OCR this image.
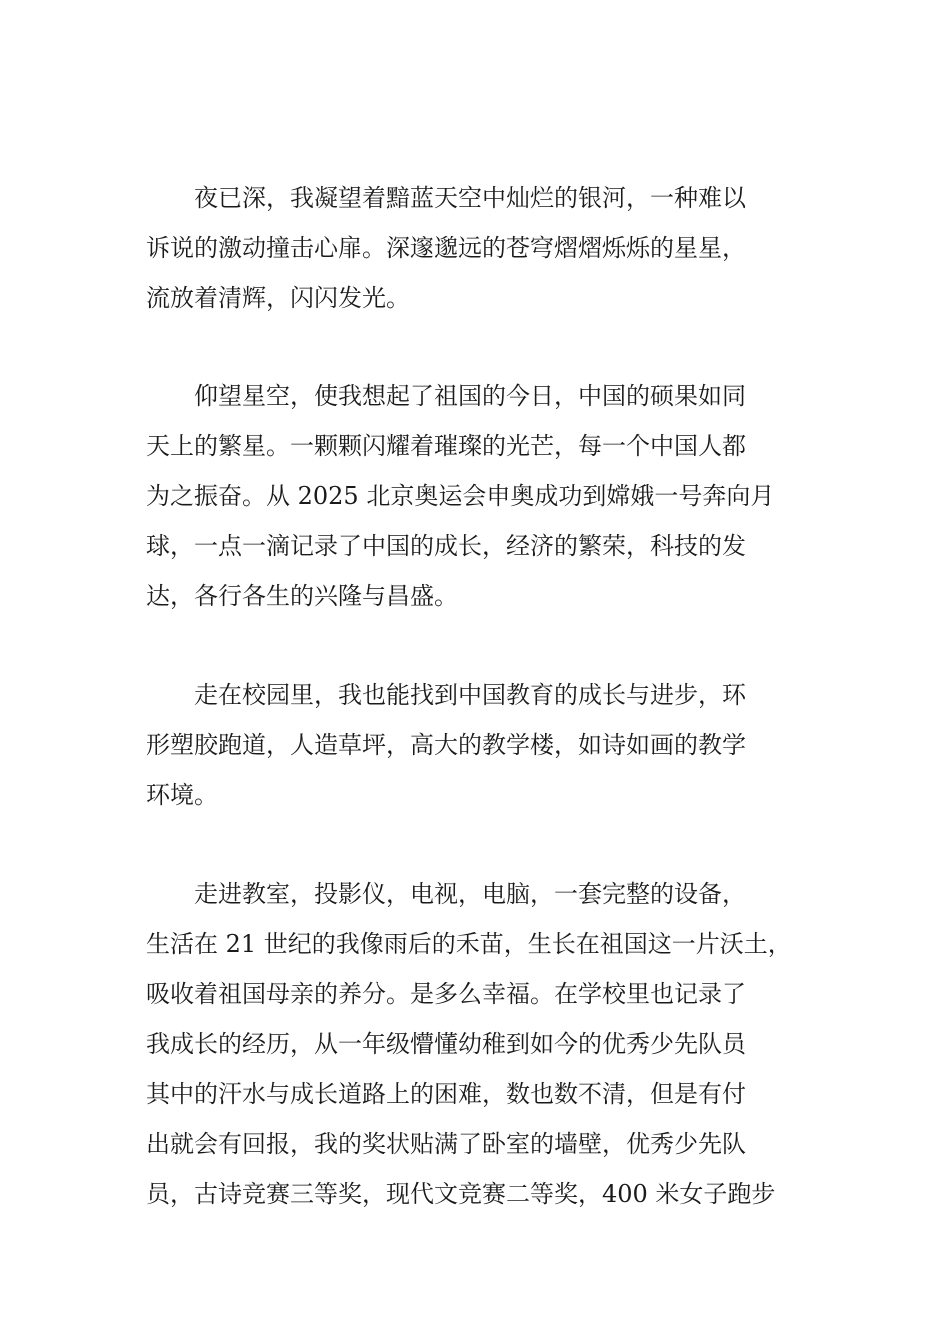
　　夜已深，我凝望着黯蓝天空中灿烂的银河，一种难以
诉说的激动撞击心扉。深邃邈远的苍穹熠熠烁烁的星星，
流放着清辉，闪闪发光。
　　仰望星空，使我想起了祖国的今日，中国的硕果如同
天上的繁星。一颗颗闪耀着璀璨的光芒，每一个中国人都
为之振奋。从 2025 北京奥运会申奥成功到嫦娥一号奔向月
球，一点一滴记录了中国的成长，经济的繁荣，科技的发
达，各行各生的兴隆与昌盛。
　　走在校园里，我也能找到中国教育的成长与进步，环
形塑胶跑道，人造草坪，高大的教学楼，如诗如画的教学
环境。
　　走进教室，投影仪，电视，电脑，一套完整的设备，
生活在 21 世纪的我像雨后的禾苗，生长在祖国这一片沃土，
吸收着祖国母亲的养分。是多么幸福。在学校里也记录了
我成长的经历，从一年级懵懂幼稚到如今的优秀少先队员
其中的汗水与成长道路上的困难，数也数不清，但是有付
出就会有回报，我的奖状贴满了卧室的墙壁，优秀少先队
员，古诗竞赛三等奖，现代文竞赛二等奖，400 米女子跑步
